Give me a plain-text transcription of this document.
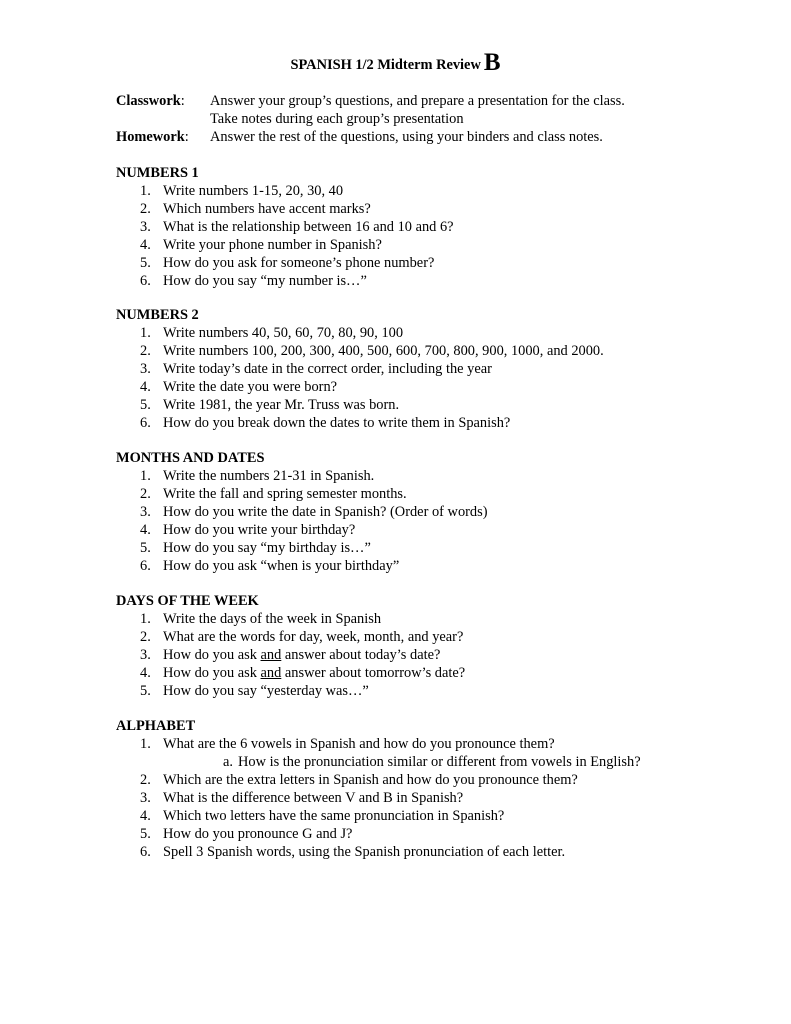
SPANISH 1/2 Midterm Review B
Classwork: Answer your group’s questions, and prepare a presentation for the class.
Take notes during each group’s presentation
Homework: Answer the rest of the questions, using your binders and class notes.
NUMBERS 1
1. Write numbers 1-15, 20, 30, 40
2. Which numbers have accent marks?
3. What is the relationship between 16 and 10 and 6?
4. Write your phone number in Spanish?
5. How do you ask for someone’s phone number?
6. How do you say “my number is…”
NUMBERS 2
1. Write numbers 40, 50, 60, 70, 80, 90, 100
2. Write numbers 100, 200, 300, 400, 500, 600, 700, 800, 900, 1000, and 2000.
3. Write today’s date in the correct order, including the year
4. Write the date you were born?
5. Write 1981, the year Mr. Truss was born.
6. How do you break down the dates to write them in Spanish?
MONTHS AND DATES
1. Write the numbers 21-31 in Spanish.
2. Write the fall and spring semester months.
3. How do you write the date in Spanish? (Order of words)
4. How do you write your birthday?
5. How do you say “my birthday is…”
6. How do you ask “when is your birthday”
DAYS OF THE WEEK
1. Write the days of the week in Spanish
2. What are the words for day, week, month, and year?
3. How do you ask and answer about today’s date?
4. How do you ask and answer about tomorrow’s date?
5. How do you say “yesterday was…”
ALPHABET
1. What are the 6 vowels in Spanish and how do you pronounce them?
a. How is the pronunciation similar or different from vowels in English?
2. Which are the extra letters in Spanish and how do you pronounce them?
3. What is the difference between V and B in Spanish?
4. Which two letters have the same pronunciation in Spanish?
5. How do you pronounce G and J?
6. Spell 3 Spanish words, using the Spanish pronunciation of each letter.
